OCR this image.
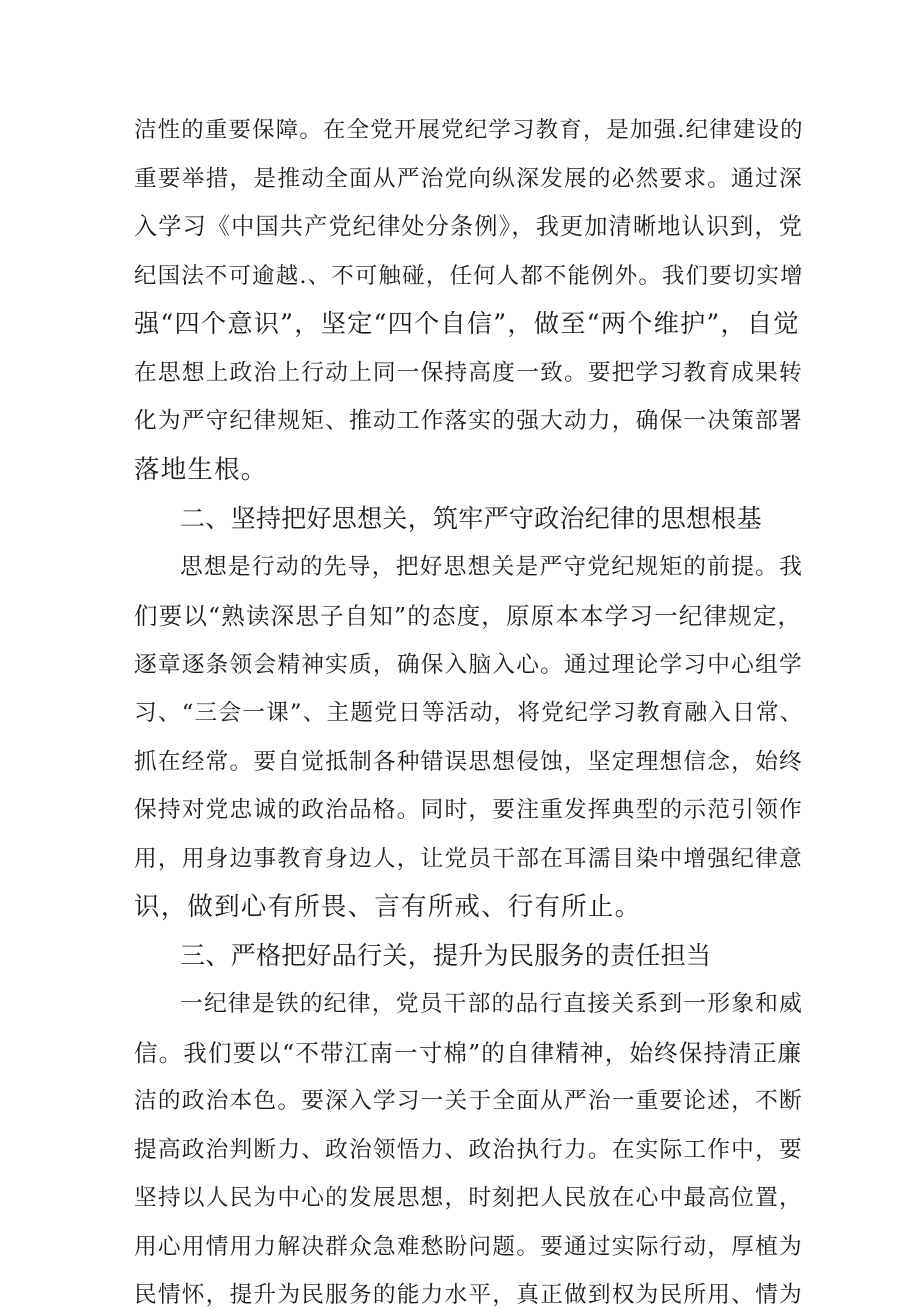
洁性的重要保障。在全党开展党纪学习教育，是加强.纪律建设的
重要举措，是推动全面从严治党向纵深发展的必然要求。通过深
入学习《中国共产党纪律处分条例》，我更加清晰地认识到，党
纪国法不可逾越.、不可触碰，任何人都不能例外。我们要切实增
强“四个意识”，坚定“四个自信”，做至“两个维护”，自觉
在思想上政治上行动上同一保持高度一致。要把学习教育成果转
化为严守纪律规矩、推动工作落实的强大动力，确保一决策部署
落地生根。
二、坚持把好思想关，筑牢严守政治纪律的思想根基
思想是行动的先导，把好思想关是严守党纪规矩的前提。我
们要以“熟读深思子自知”的态度，原原本本学习一纪律规定，
逐章逐条领会精神实质，确保入脑入心。通过理论学习中心组学
习、“三会一课”、主题党日等活动，将党纪学习教育融入日常、
抓在经常。要自觉抵制各种错误思想侵蚀，坚定理想信念，始终
保持对党忠诚的政治品格。同时，要注重发挥典型的示范引领作
用，用身边事教育身边人，让党员干部在耳濡目染中增强纪律意
识，做到心有所畏、言有所戒、行有所止。
三、严格把好品行关，提升为民服务的责任担当
一纪律是铁的纪律，党员干部的品行直接关系到一形象和威
信。我们要以“不带江南一寸棉”的自律精神，始终保持清正廉
洁的政治本色。要深入学习一关于全面从严治一重要论述，不断
提高政治判断力、政治领悟力、政治执行力。在实际工作中，要
坚持以人民为中心的发展思想，时刻把人民放在心中最高位置，
用心用情用力解决群众急难愁盼问题。要通过实际行动，厚植为
民情怀，提升为民服务的能力水平，真正做到权为民所用、情为
